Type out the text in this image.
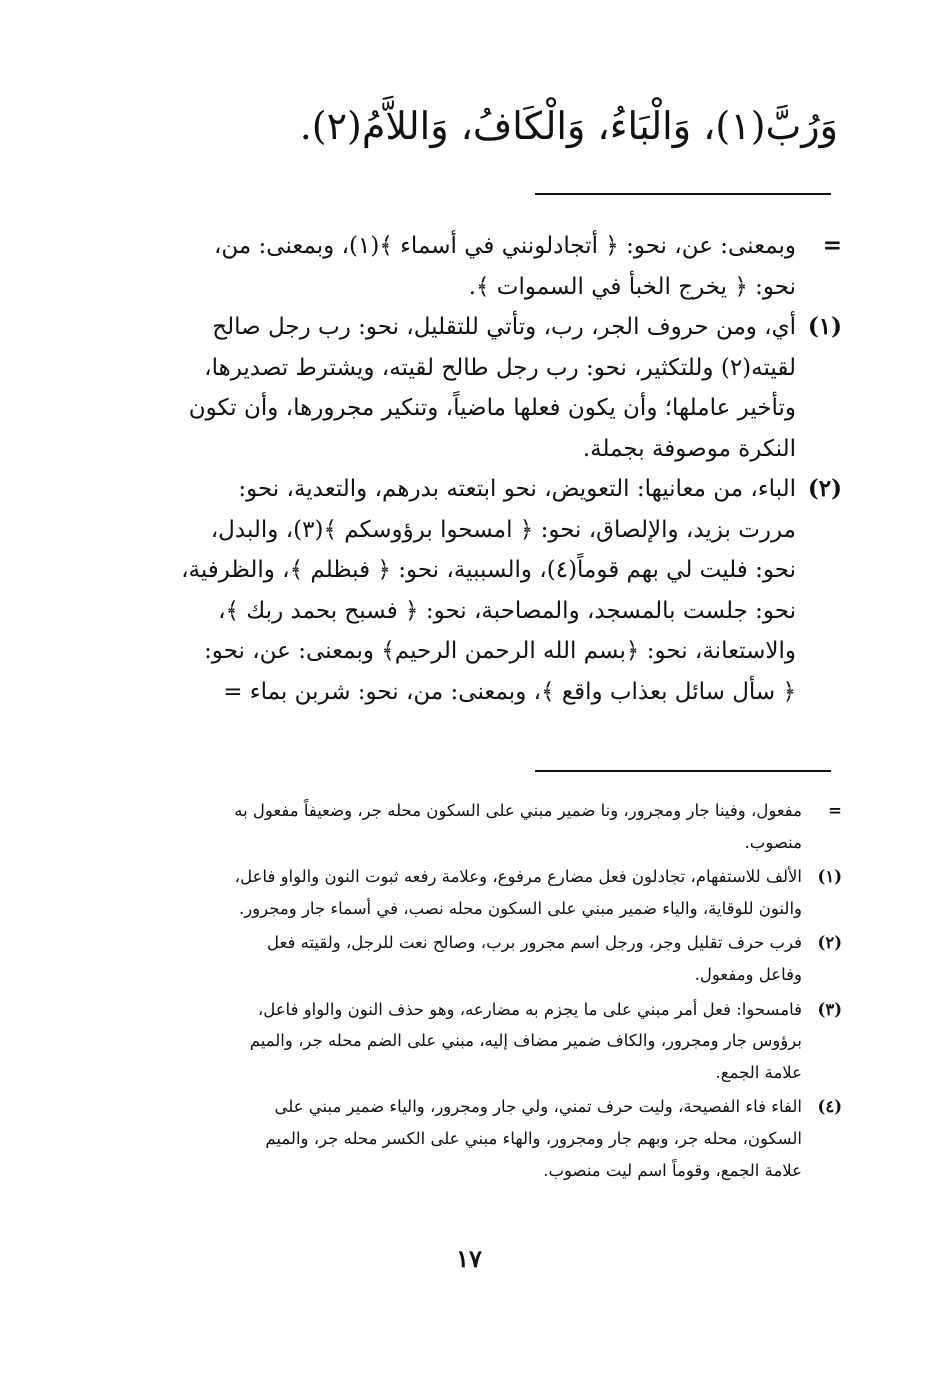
وَرُبَّ(١)، وَالْبَاءُ، وَالْكَافُ، وَاللاَّمُ(٢).
=
وبمعنى: عن، نحو: ﴿ أتجادلونني في أسماء ﴾(١)، وبمعنى: من،
نحو: ﴿ يخرج الخبأ في السموات ﴾.
(١)
أي، ومن حروف الجر، رب، وتأتي للتقليل، نحو: رب رجل صالح
لقيته(٢) وللتكثير، نحو: رب رجل طالح لقيته، ويشترط تصديرها،
وتأخير عاملها؛ وأن يكون فعلها ماضياً، وتنكير مجرورها، وأن تكون
النكرة موصوفة بجملة.
(٢)
الباء، من معانيها: التعويض، نحو ابتعته بدرهم، والتعدية، نحو:
مررت بزيد، والإلصاق، نحو: ﴿ امسحوا برؤوسكم ﴾(٣)، والبدل،
نحو: فليت لي بهم قوماً(٤)، والسببية، نحو: ﴿ فبظلم ﴾، والظرفية،
نحو: جلست بالمسجد، والمصاحبة، نحو: ﴿ فسبح بحمد ربك ﴾،
والاستعانة، نحو: ﴿بسم الله الرحمن الرحيم﴾ وبمعنى: عن، نحو:
﴿ سأل سائل بعذاب واقع ﴾، وبمعنى: من، نحو: شربن بماء =
=
مفعول، وفينا جار ومجرور، ونا ضمير مبني على السكون محله جر، وضعيفاً مفعول به
منصوب.
(١)
الألف للاستفهام، تجادلون فعل مضارع مرفوع، وعلامة رفعه ثبوت النون والواو فاعل،
والنون للوقاية، والياء ضمير مبني على السكون محله نصب، في أسماء جار ومجرور.
(٢)
فرب حرف تقليل وجر، ورجل اسم مجرور برب، وصالح نعت للرجل، ولقيته فعل
وفاعل ومفعول.
(٣)
فامسحوا: فعل أمر مبني على ما يجزم به مضارعه، وهو حذف النون والواو فاعل،
برؤوس جار ومجرور، والكاف ضمير مضاف إليه، مبني على الضم محله جر، والميم
علامة الجمع.
(٤)
الفاء فاء الفصيحة، وليت حرف تمني، ولي جار ومجرور، والياء ضمير مبني على
السكون، محله جر، وبهم جار ومجرور، والهاء مبني على الكسر محله جر، والميم
علامة الجمع، وقوماً اسم ليت منصوب.
١٧
